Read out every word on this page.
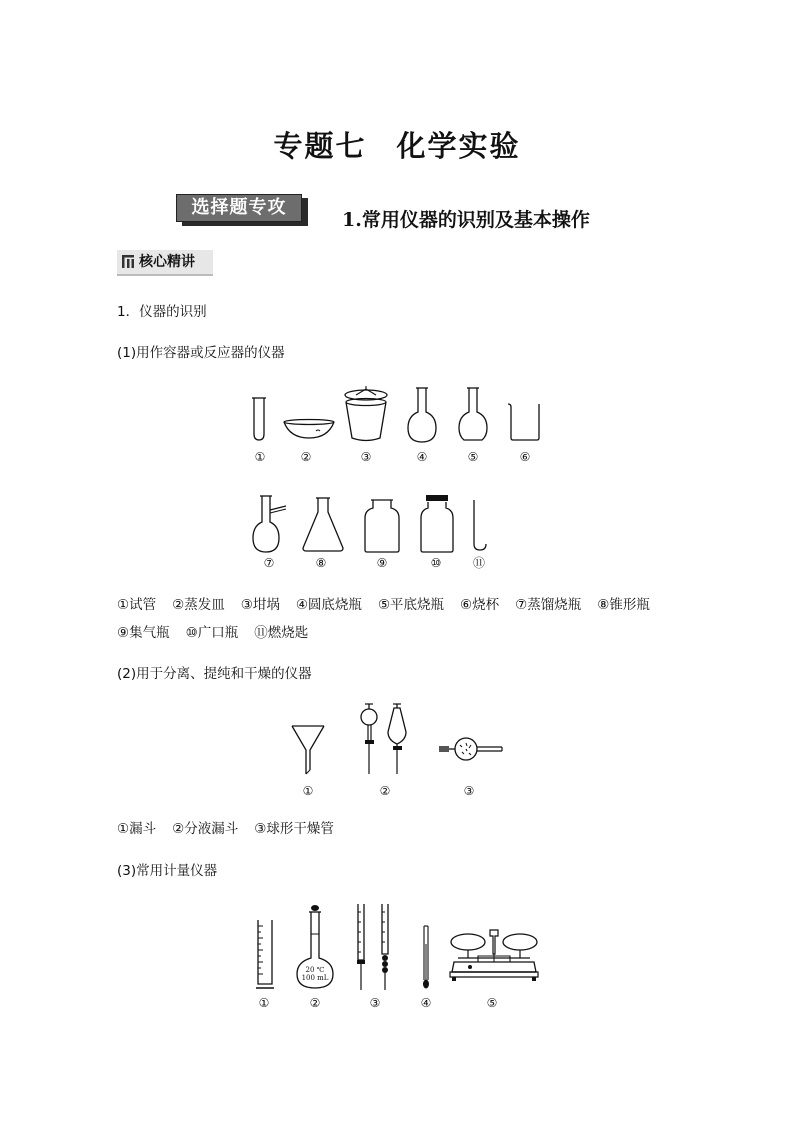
专题七 化学实验
选择题专攻
1.常用仪器的识别及基本操作
核心精讲
1．仪器的识别
(1)用作容器或反应器的仪器
①	②	③	④	⑤	⑥
⑦	⑧	⑨	⑩	⑪
①试管 ②蒸发皿 ③坩埚 ④圆底烧瓶 ⑤平底烧瓶 ⑥烧杯 ⑦蒸馏烧瓶 ⑧锥形瓶
⑨集气瓶 ⑩广口瓶 ⑪燃烧匙
(2)用于分离、提纯和干燥的仪器
①	②	③
①漏斗 ②分液漏斗 ③球形干燥管
(3)常用计量仪器
20 ℃
100 mL
①	②	③	④	⑤
